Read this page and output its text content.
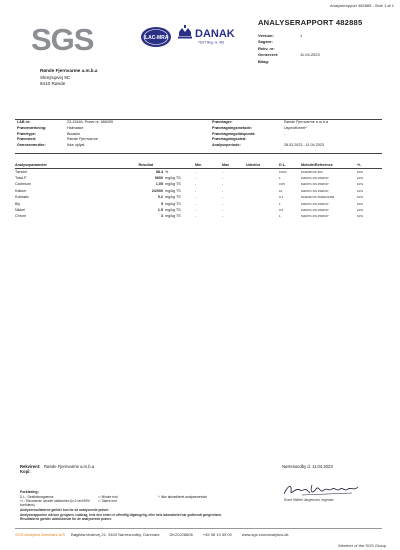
Analyserapport 482885 - Side 1 af 1
SGS	ILAC-MRA DANAK
TEST Reg. nr. 461
ANALYSERAPPORT 482885
Version:	1
Sagsnr:
Rekv. nr:
Genereret:	11.04.2023
Bilag:
Rønde Fjernvarme a.m.b.a
Skrejrupvej 9C
8410 Rønde
LAB nr:	23-12446, Prøve nr. 586309
Prøvemærkning:	Halmaske
Prøvetype:	Bioaske
Prøvested:	Rønde Fjernvarme
Grænseværdier:	Ikke oplyst
Prøvetager:	Rønde Fjernvarme a.m.b.a
Prøvetagningsmetode:	Uspecificeret*
Prøvetagningstidspunkt:	-
Prøvetagningssted:
Analyseperiode:	28.03.2023 - 11.04.2023
Analyseparameter	Resultat		Min	Max	Udenfor	D.L.	Metode/Reference	+/-
Tørstof	58.4	%	-	-		0.002	Mx0038 DS 204	10%
Total-P	9600	mg/kg TS	-	-		1	M40071 DS 259/ICP	10%
Cadmium	1.05	mg/kg TS	-	-		0.05	M40071 DS 259/ICP	10%
Kalium	2/2000	mg/kg TS	-	-		10	M40071 DS 259/ICP	10%
Kviksølv	0.2	mg/kg TS	-	-		0.1	Mx0036 DS 259/EN1483	10%
Bly	9	mg/kg TS	-	-		1	M40071 DS 259/ICP	10%
Nikkel	1.5	mg/kg TS	-	-		0.5	M40071 DS 259/ICP	10%
Chrom	3	mg/kg TS	-	-		1	M40071 DS 259/ICP	10%
Rekvirent: Rønde Fjernvarme a.m.b.a
Kopi:
Nørresundby d. 11.04.2023
Rune Mikkel Jørgensen, ingeniør
Forklaring:
D.L.: Detektionsgrænse	<: Mindre end	*: Ikke akkrediteret analysemetode
+/-: Tilsvarende udvidet usikkerhed (k=2 ved 95% konfidens)
>: Større end
Analyseresultaterne gælder kun for de analyserede prøver.
Analyserapporten må kun gengives i uddrag, hvis den enten er offentlig tilgængelig, eller hvis laboratoriet har godkendt gengivelsen.
Resultaterne gælder udelukkende for de analyserede prøver.
SGS Analytics Danmark A/S Bøgildsmindevej 21, 9400 Nørresundby, Danmark	DK20228806	+45 98 19 39 00	www.sgs.com/analytics-dk
Member of the SGS Group
